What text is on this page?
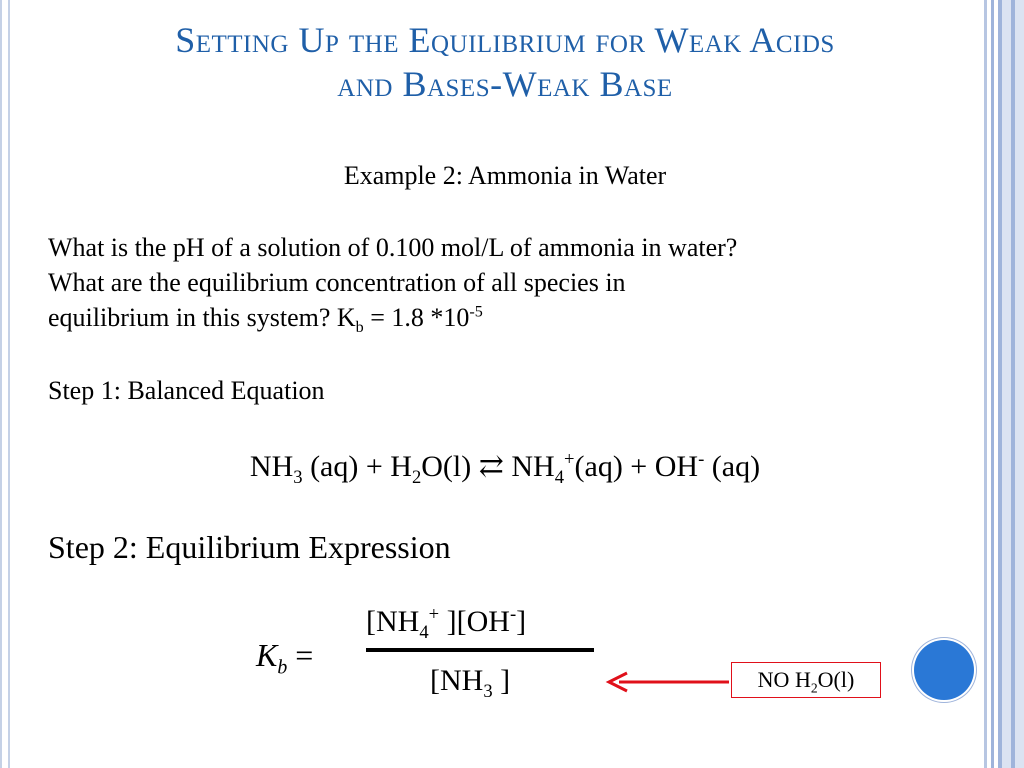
Setting Up the Equilibrium for Weak Acids
and Bases-Weak Base
Example 2: Ammonia in Water
What is the pH of a solution of 0.100 mol/L of ammonia in water?
What are the equilibrium concentration of all species in
equilibrium in this system? $K_b = 1.8$ $*10^{-5}$
Step 1: Balanced Equation
$NH_3$ $(aq) + H_2O(l)$ ⇄ $NH_4^+(aq) + OH^-$ (aq)
Step 2: Equilibrium Expression
$K_b$ =
[$NH_4^+$ ][OH-]
[$NH_3$ ]	NO $H_2O(l)$
